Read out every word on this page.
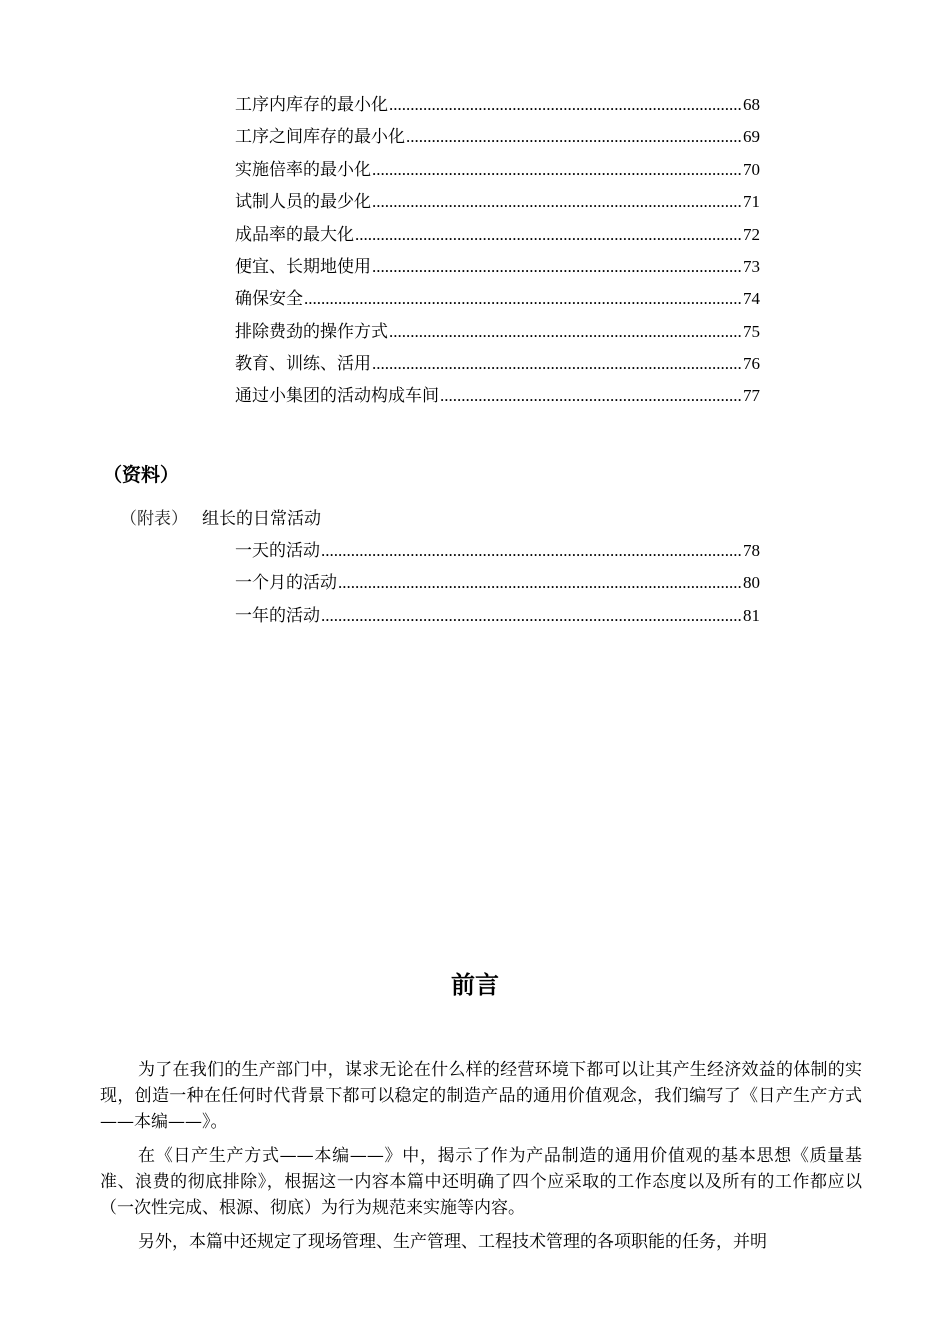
工序内库存的最小化 .....	68
工序之间库存的最小化 .....	69
实施倍率的最小化 .....	70
试制人员的最少化 .....	71
成品率的最大化 .....	72
便宜、长期地使用 .....	73
确保安全 .....	74
排除费劲的操作方式 .....	75
教育、训练、活用 .....	76
通过小集团的活动构成车间 .....	77
（资料）
（附表） 组长的日常活动
一天的活动 .....	78
一个月的活动 .....	80
一年的活动 .....	81
前言

为了在我们的生产部门中，谋求无论在什么样的经营环境下都可以让其产生经济效益的体制的实现，创造一种在任何时代背景下都可以稳定的制造产品的通用价值观念，我们编写了《日产生产方式——本编——》。

在《日产生产方式——本编——》中，揭示了作为产品制造的通用价值观的基本思想《质量基准、浪费的彻底排除》，根据这一内容本篇中还明确了四个应采取的工作态度以及所有的工作都应以（一次性完成、根源、彻底）为行为规范来实施等内容。

另外，本篇中还规定了现场管理、生产管理、工程技术管理的各项职能的任务，并明
